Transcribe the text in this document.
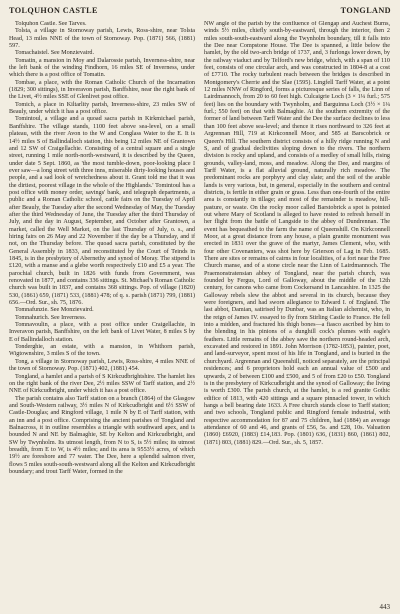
TOLQUHON CASTLE	TONGLAND

Tolquhon Castle. See Tarves.

Tolsta, a village in Stornoway parish, Lewis, Ross-shire, near Tolsta Head, 13 miles NNE of the town of Stornoway. Pop. (1871) 566, (1881) 597.

Tomachaistel. See Monzievaird.

Tomatin, a mansion in Moy and Dalarossie parish, Inverness-shire, near the left bank of the winding Findhorn, 16 miles SE of Inverness, under which there is a post office of Tomatin.

Tombae, a place, with the Roman Catholic Church of the Incarnation (1829; 300 sittings), in Inveravon parish, Banffshire, near the right bank of the Livet, 4½ miles SSE of Glenlivet post office.

Tomich, a place in Kiltarlity parish, Inverness-shire, 23 miles SW of Beauly, under which it has a post office.

Tomintoul, a village and a quoad sacra parish in Kirkmichael parish, Banffshire. The village stands, 1100 feet above sea-level, on a small plateau, with the river Avon to the W and Conglass Water to the E. It is 14½ miles S of Ballindalloch station, this being 12 miles NE of Grantown and 12 SW of Craigellachie. Consisting of a central square and a single street, running 1 mile north-north-westward, it is described by the Queen, under date 5 Sept. 1860, as 'the most tumble-down, poor-looking place I ever saw—a long street with three inns, miserable dirty-looking houses and people, and a sad look of wretchedness about it. Grant told me that it was the dirtiest, poorest village in the whole of the Highlands.' Tomintoul has a post office with money order, savings' bank, and telegraph departments, a public and a Roman Catholic school, cattle fairs on the Tuesday of April after Beauly, the Tuesday after the second Wednesday of May, the Tuesday after the third Wednesday of June, the Tuesday after the third Thursday of July, and the day in August, September, and October after Grantown, a market, called the Well Market, on the last Thursday of July, o. s., and hiring fairs on 26 May and 22 November if the day be a Thursday, and if not, on the Thursday before. The quoad sacra parish, constituted by the General Assembly in 1833, and reconstituted by the Court of Teinds in 1845, is in the presbytery of Abernethy and synod of Moray. The stipend is £120, with a manse and a glebe worth respectively £10 and £5 a year. The parochial church, built in 1826 with funds from Government, was renovated in 1877, and contains 336 sittings. St. Michael's Roman Catholic church was built in 1837, and contains 368 sittings. Pop. of village (1820) 530, (1861) 659, (1871) 533, (1881) 478; of q. s. parish (1871) 799, (1881) 656.—Ord. Sur., sh. 75, 1876.

Tomnafunzie. See Monzievaird.

Tomnahurich. See Inverness.

Tomnavoulin, a place, with a post office under Craigellachie, in Inveravon parish, Banffshire, on the left bank of Livet Water, 8 miles S by E of Ballindalloch station.

Tonderghie, an estate, with a mansion, in Whithorn parish, Wigtownshire, 3 miles S of the town.

Tong, a village in Stornoway parish, Lewis, Ross-shire, 4 miles NNE of the town of Stornoway. Pop. (1871) 402, (1881) 454.

Tongland, a hamlet and a parish of S Kirkcudbrightshire. The hamlet lies on the right bank of the river Dee, 2½ miles SSW of Tarff station, and 2½ NNE of Kirkcudbright, under which it has a post office.

The parish contains also Tarff station on a branch (1864) of the Glasgow and South-Western railway, 3½ miles N of Kirkcudbright and 6½ SSW of Castle-Douglas; and Ringford village, 1 mile N by E of Tarff station, with an inn and a post office. Comprising the ancient parishes of Tongland and Balnacross, it in outline resembles a triangle with southward apex, and is bounded N and NE by Balmaghie, SE by Kelton and Kirkcudbright, and SW by Twynholm. Its utmost length, from N to S, is 5½ miles; its utmost breadth, from E to W, is 4½ miles; and its area is 9553½ acres, of which 19½ are foreshore and 77 water. The Dee, here a splendid salmon river, flows 5 miles south-south-westward along all the Kelton and Kirkcudbright boundary; and trout Tarff Water, formed in the

NW angle of the parish by the confluence of Glengap and Auchest Burns, winds 5½ miles, chiefly south-by-eastward, through the interior, then 2 miles south-south-eastward along the Twynholm boundary, till it falls into the Dee near Compstone House. The Dee is spanned, a little below the hamlet, by the old two-arch bridge of 1737, and, 3 furlongs lower down, by the railway viaduct and by Telford's new bridge, which, with a span of 110 feet, consists of one circular arch, and was constructed in 1804-8 at a cost of £7710. The rocky turbulent reach between the bridges is described in Montgomery's Cherrie and the Slae (1595). Lingfell Tarff Water, at a point 12 miles NNW of Ringford, forms a picturesque series of falls, the Linn of Lairdmannoch, from 20 to 60 feet high. Culcaigrie Loch (3 × 1¼ furl.; 575 feet) lies on the boundary with Twynholm, and Barguinna Loch (3½ × 1¼ furl.; 550 feet) on that with Balmaghie. At the southern extremity of the former of land between Tarff Water and the Dee the surface declines to less than 100 feet above sea-level; and thence it rises northward to 326 feet at Argrennan Hill, 719 at Kirkconnell Moor, and 585 at Barscobrick or Queen's Hill. The southern district consists of a hilly ridge running N and S, and of gradual declivities sloping down to the rivers. The northern division is rocky and upland, and consists of a medley of small hills, rising grounds, valley-land, moss, and meadow. Along the Dee, and margins of Tarff Water, is a flat alluvial ground, naturally rich meadow. The predominant rocks are porphyry and clay slate; and the soil of the arable lands is very various, but, in general, especially in the southern and central districts, is fertile in either grain or grass. Less than one-fourth of the entire area is constantly in tillage; and most of the remainder is meadow, hill-pasture, or waste. On the rocky moor called Barstobrick a spot is pointed out where Mary of Scotland is alleged to have rested to refresh herself in her flight from the battle of Langside to the abbey of Dundrennan. The event has bequeathed to the farm the name of Queenshill. On Kirkconnell Moor, at a great distance from any house, a plain granite monument was erected in 1831 over the grave of the martyr, James Clement, who, with four other Covenanters, was shot here by Grierson of Lag in Feb. 1685. There are sites or remains of cairns in four localities, of a fort near the Free Church manse, and of a stone circle near the Linn of Lairdmannoch. The Praemonstratensian abbey of Tongland, near the parish church, was founded by Fergus, Lord of Galloway, about the middle of the 12th century, for canons who came from Cockersand in Lancashire. In 1325 the Galloway rebels slew the abbot and several in its church, because they were foreigners, and had sworn allegiance to Edward I. of England. The last abbot, Damian, satirised by Dunbar, was an Italian alchemist, who, in the reign of James IV. essayed to fly from Stirling Castle to France. He fell into a midden, and fractured his thigh bones—a fiasco ascribed by him to the blending in his pinions of a dunghill cock's plumes with eagle's feathers. Little remains of the abbey save the northern round-headed arch, excavated and restored in 1891. John Morrison (1782-1853), painter, poet, and land-surveyor, spent most of his life in Tongland, and is buried in the churchyard. Argrennan and Queenshill, noticed separately, are the principal residences; and 6 proprietors hold each an annual value of £500 and upwards, 2 of between £100 and £500, and 5 of from £20 to £50. Tongland is in the presbytery of Kirkcudbright and the synod of Galloway; the living is worth £300. The parish church, at the hamlet, is a red granite Gothic edifice of 1813, with 420 sittings and a square pinnacled tower, in which hangs a bell bearing date 1633. A Free church stands close to Tarff station; and two schools, Tongland public and Ringford female industrial, with respective accommodation for 87 and 75 children, had (1884) an average attendance of 60 and 46, and grants of £56, 5s. and £28, 10s. Valuation (1860) £6920, (1883) £14,183. Pop. (1801) 636, (1831) 860, (1861) 802, (1871) 803, (1881) 829.—Ord. Sur., sh. 5, 1857.

443
